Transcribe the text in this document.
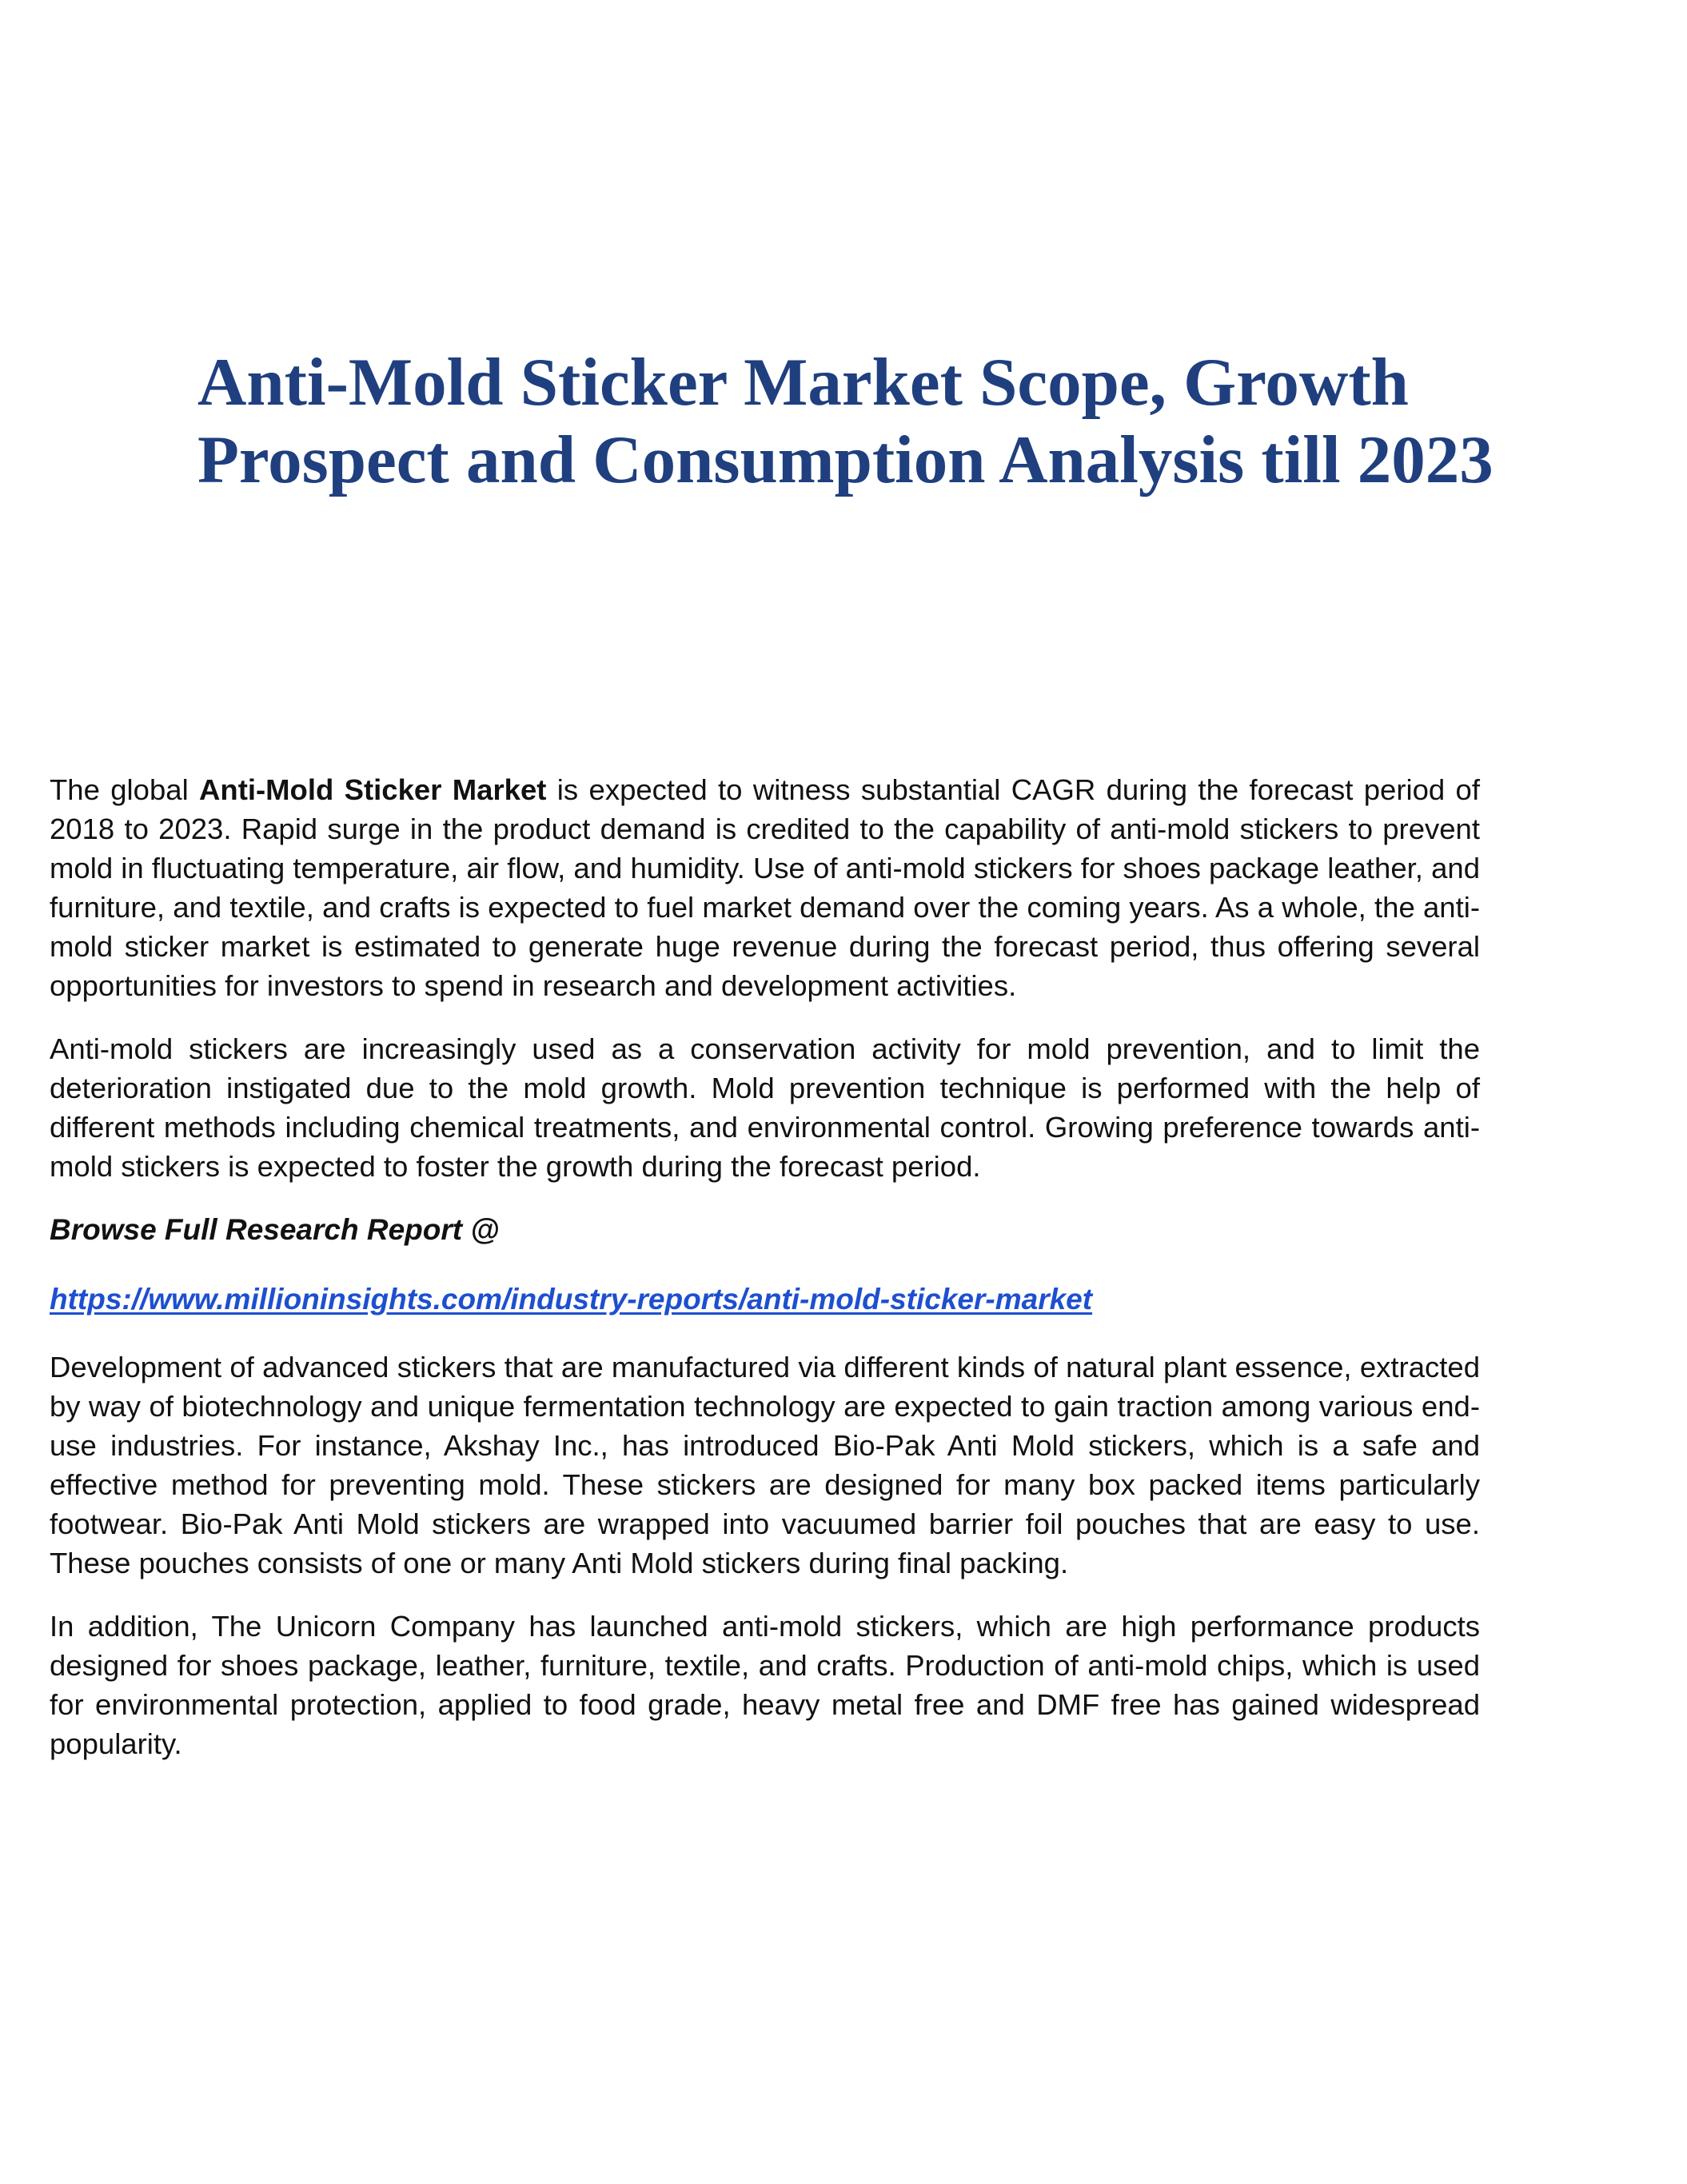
Anti-Mold Sticker Market Scope, Growth
Prospect and Consumption Analysis till 2023

The global Anti-Mold Sticker Market is expected to witness substantial CAGR during the forecast period of 2018 to 2023. Rapid surge in the product demand is credited to the capability of anti-mold stickers to prevent mold in fluctuating temperature, air flow, and humidity. Use of anti-mold stickers for shoes package leather, and furniture, and textile, and crafts is expected to fuel market demand over the coming years. As a whole, the anti-mold sticker market is estimated to generate huge revenue during the forecast period, thus offering several opportunities for investors to spend in research and development activities.

Anti-mold stickers are increasingly used as a conservation activity for mold prevention, and to limit the deterioration instigated due to the mold growth. Mold prevention technique is performed with the help of different methods including chemical treatments, and environmental control. Growing preference towards anti-mold stickers is expected to foster the growth during the forecast period.

Browse Full Research Report @

https://www.millioninsights.com/industry-reports/anti-mold-sticker-market

Development of advanced stickers that are manufactured via different kinds of natural plant essence, extracted by way of biotechnology and unique fermentation technology are expected to gain traction among various end-use industries. For instance, Akshay Inc., has introduced Bio-Pak Anti Mold stickers, which is a safe and effective method for preventing mold. These stickers are designed for many box packed items particularly footwear. Bio-Pak Anti Mold stickers are wrapped into vacuumed barrier foil pouches that are easy to use. These pouches consists of one or many Anti Mold stickers during final packing.

In addition, The Unicorn Company has launched anti-mold stickers, which are high performance products designed for shoes package, leather, furniture, textile, and crafts. Production of anti-mold chips, which is used for environmental protection, applied to food grade, heavy metal free and DMF free has gained widespread popularity.
